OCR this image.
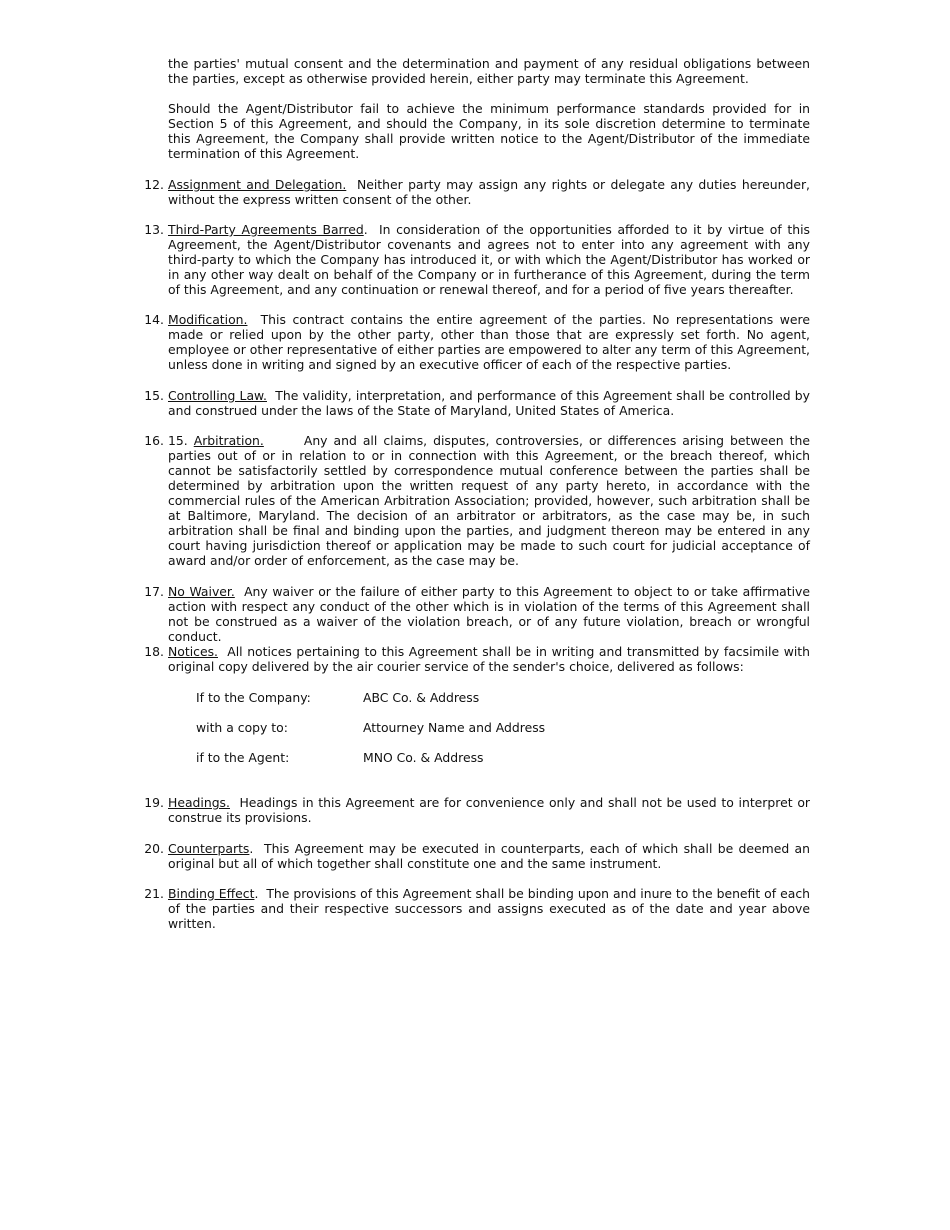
the parties' mutual consent and the determination and payment of any residual obligations between the parties, except as otherwise provided herein, either party may terminate this Agreement.
Should the Agent/Distributor fail to achieve the minimum performance standards provided for in Section 5 of this Agreement, and should the Company, in its sole discretion determine to terminate this Agreement, the Company shall provide written notice to the Agent/Distributor of the immediate termination of this Agreement.
12. Assignment and Delegation. Neither party may assign any rights or delegate any duties hereunder, without the express written consent of the other.
13. Third-Party Agreements Barred.  In consideration of the opportunities afforded to it by virtue of this Agreement, the Agent/Distributor covenants and agrees not to enter into any agreement with any third-party to which the Company has introduced it, or with which the Agent/Distributor has worked or in any other way dealt on behalf of the Company or in furtherance of this Agreement, during the term of this Agreement, and any continuation or renewal thereof, and for a period of five years thereafter.
14. Modification. This contract contains the entire agreement of the parties. No representations were made or relied upon by the other party, other than those that are expressly set forth. No agent, employee or other representative of either parties are empowered to alter any term of this Agreement, unless done in writing and signed by an executive officer of each of the respective parties.
15. Controlling Law. The validity, interpretation, and performance of this Agreement shall be controlled by and construed under the laws of the State of Maryland, United States of America.
16. 15. Arbitration.	Any and all claims, disputes, controversies, or differences arising between the parties out of or in relation to or in connection with this Agreement, or the breach thereof, which cannot be satisfactorily settled by correspondence mutual conference between the parties shall be determined by arbitration upon the written request of any party hereto, in accordance with the commercial rules of the American Arbitration Association; provided, however, such arbitration shall be at Baltimore, Maryland. The decision of an arbitrator or arbitrators, as the case may be, in such arbitration shall be final and binding upon the parties, and judgment thereon may be entered in any court having jurisdiction thereof or application may be made to such court for judicial acceptance of award and/or order of enforcement, as the case may be.
17. No Waiver. Any waiver or the failure of either party to this Agreement to object to or take affirmative action with respect any conduct of the other which is in violation of the terms of this Agreement shall not be construed as a waiver of the violation breach, or of any future violation, breach or wrongful conduct.
18. Notices. All notices pertaining to this Agreement shall be in writing and transmitted by facsimile with original copy delivered by the air courier service of the sender's choice, delivered as follows:
If to the Company:	ABC Co. & Address
with a copy to:	Attourney Name and Address
if to the Agent:	MNO Co. & Address
19. Headings. Headings in this Agreement are for convenience only and shall not be used to interpret or construe its provisions.
20. Counterparts.  This Agreement may be executed in counterparts, each of which shall be deemed an original but all of which together shall constitute one and the same instrument.
21. Binding Effect.  The provisions of this Agreement shall be binding upon and inure to the benefit of each of the parties and their respective successors and assigns executed as of the date and year above written.
